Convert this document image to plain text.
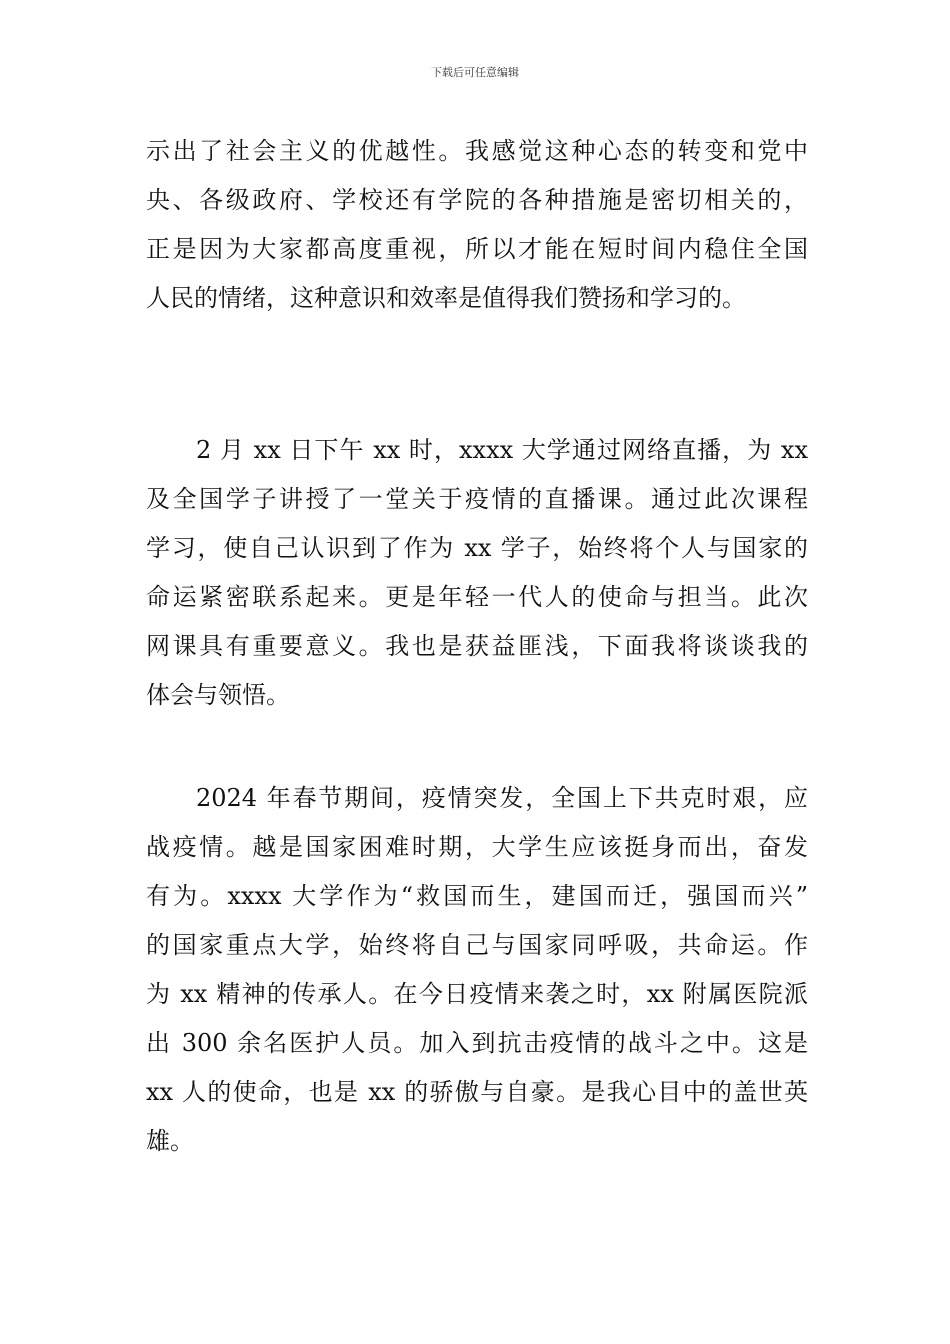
下载后可任意编辑
示出了社会主义的优越性。我感觉这种心态的转变和党中
央、各级政府、学校还有学院的各种措施是密切相关的，
正是因为大家都高度重视，所以才能在短时间内稳住全国
人民的情绪，这种意识和效率是值得我们赞扬和学习的。
2 月 xx 日下午 xx 时，xxxx 大学通过网络直播，为 xx
及全国学子讲授了一堂关于疫情的直播课。通过此次课程
学习，使自己认识到了作为 xx 学子，始终将个人与国家的
命运紧密联系起来。更是年轻一代人的使命与担当。此次
网课具有重要意义。我也是获益匪浅，下面我将谈谈我的
体会与领悟。
2024 年春节期间，疫情突发，全国上下共克时艰，应
战疫情。越是国家困难时期，大学生应该挺身而出，奋发
有为。xxxx 大学作为“救国而生，建国而迁，强国而兴”
的国家重点大学，始终将自己与国家同呼吸，共命运。作
为 xx 精神的传承人。在今日疫情来袭之时，xx 附属医院派
出 300 余名医护人员。加入到抗击疫情的战斗之中。这是
xx 人的使命，也是 xx 的骄傲与自豪。是我心目中的盖世英
雄。
